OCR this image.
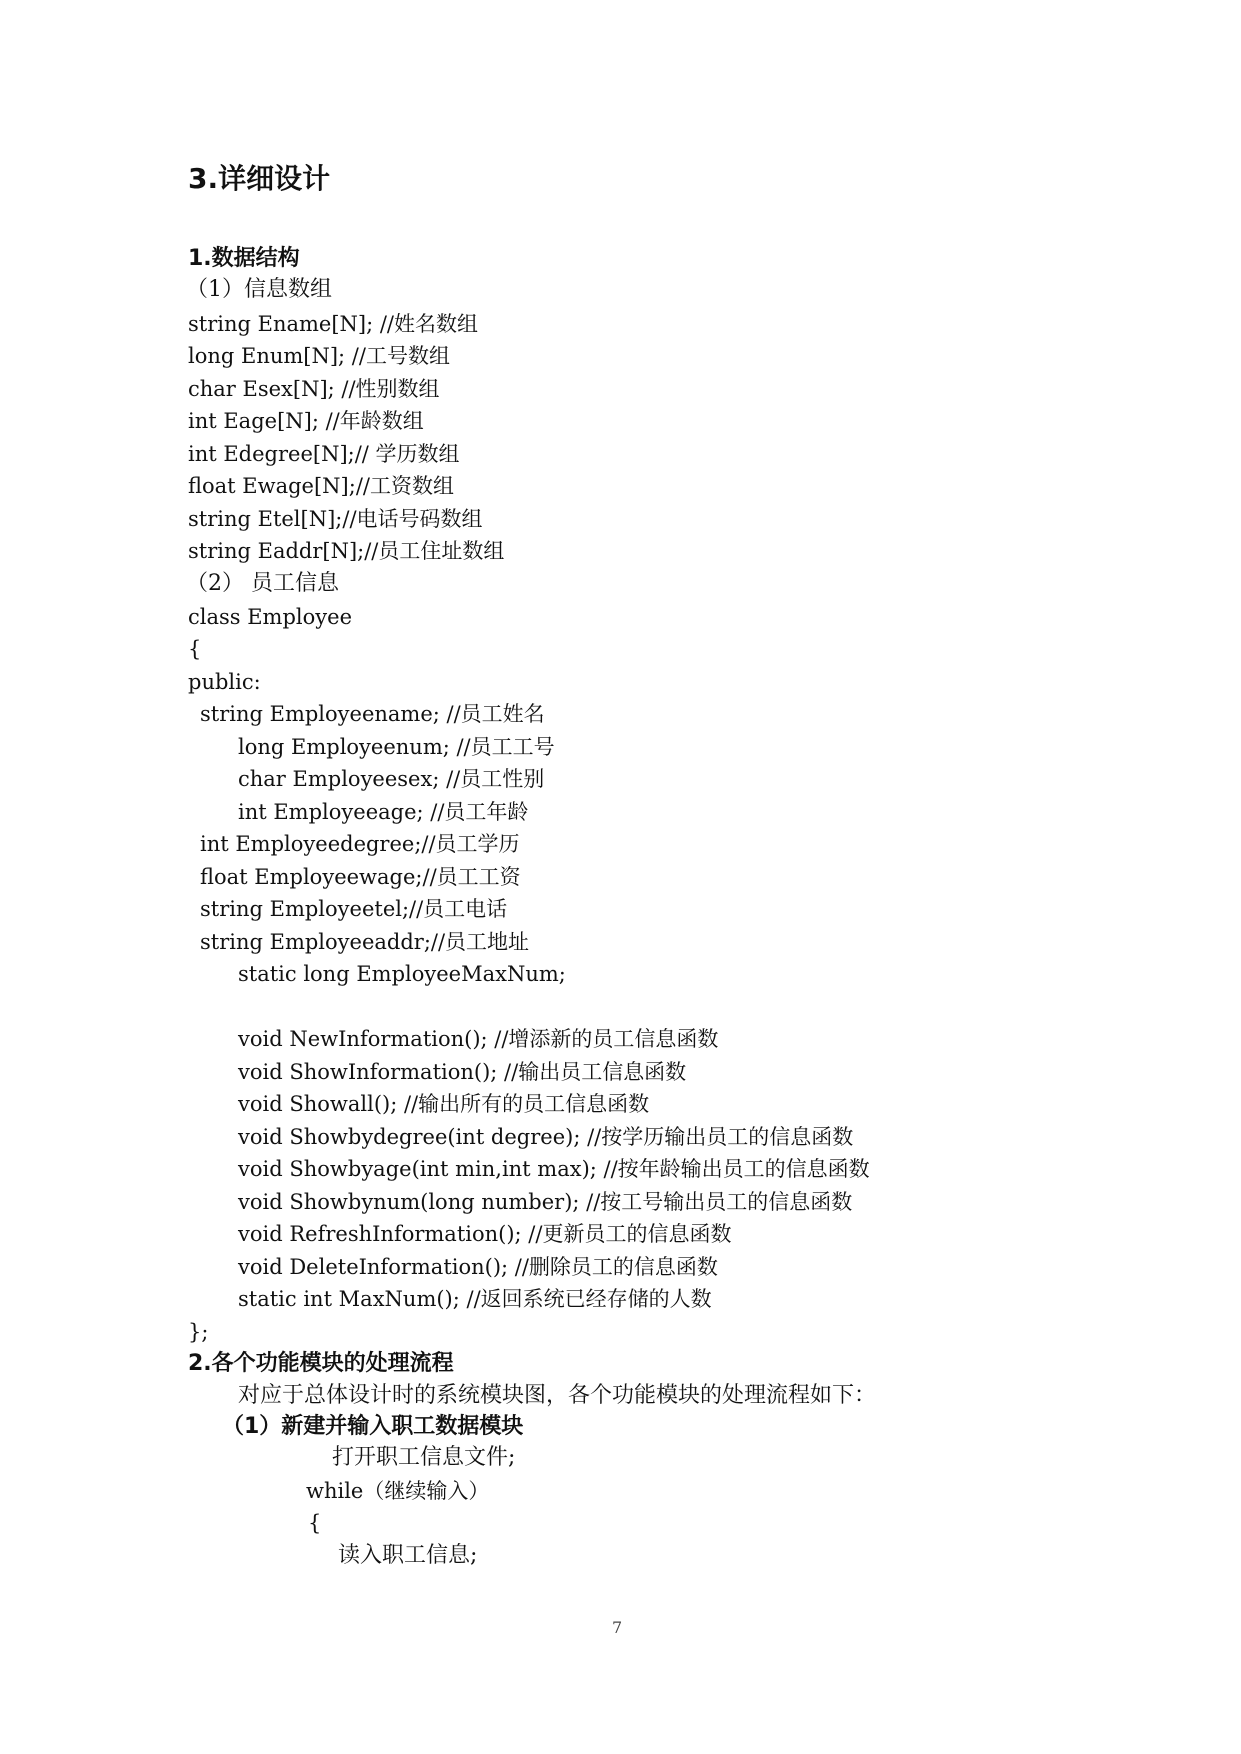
3.详细设计
1.数据结构
（1）信息数组
string Ename[N]; //姓名数组
long Enum[N]; //工号数组
char Esex[N]; //性别数组
int Eage[N]; //年龄数组
int Edegree[N];// 学历数组
float Ewage[N];//工资数组
string Etel[N];//电话号码数组
string Eaddr[N];//员工住址数组
（2） 员工信息
class Employee
{
public:
string Employeename; //员工姓名
long Employeenum; //员工工号
char Employeesex; //员工性别
int Employeeage; //员工年龄
int Employeedegree;//员工学历
float Employeewage;//员工工资
string Employeetel;//员工电话
string Employeeaddr;//员工地址
static long EmployeeMaxNum;
void NewInformation(); //增添新的员工信息函数
void ShowInformation(); //输出员工信息函数
void Showall(); //输出所有的员工信息函数
void Showbydegree(int degree); //按学历输出员工的信息函数
void Showbyage(int min,int max); //按年龄输出员工的信息函数
void Showbynum(long number); //按工号输出员工的信息函数
void RefreshInformation(); //更新员工的信息函数
void DeleteInformation(); //删除员工的信息函数
static int MaxNum(); //返回系统已经存储的人数
};
2.各个功能模块的处理流程
对应于总体设计时的系统模块图，各个功能模块的处理流程如下：
（1）新建并输入职工数据模块
打开职工信息文件;
while（继续输入）
{
读入职工信息;
7
